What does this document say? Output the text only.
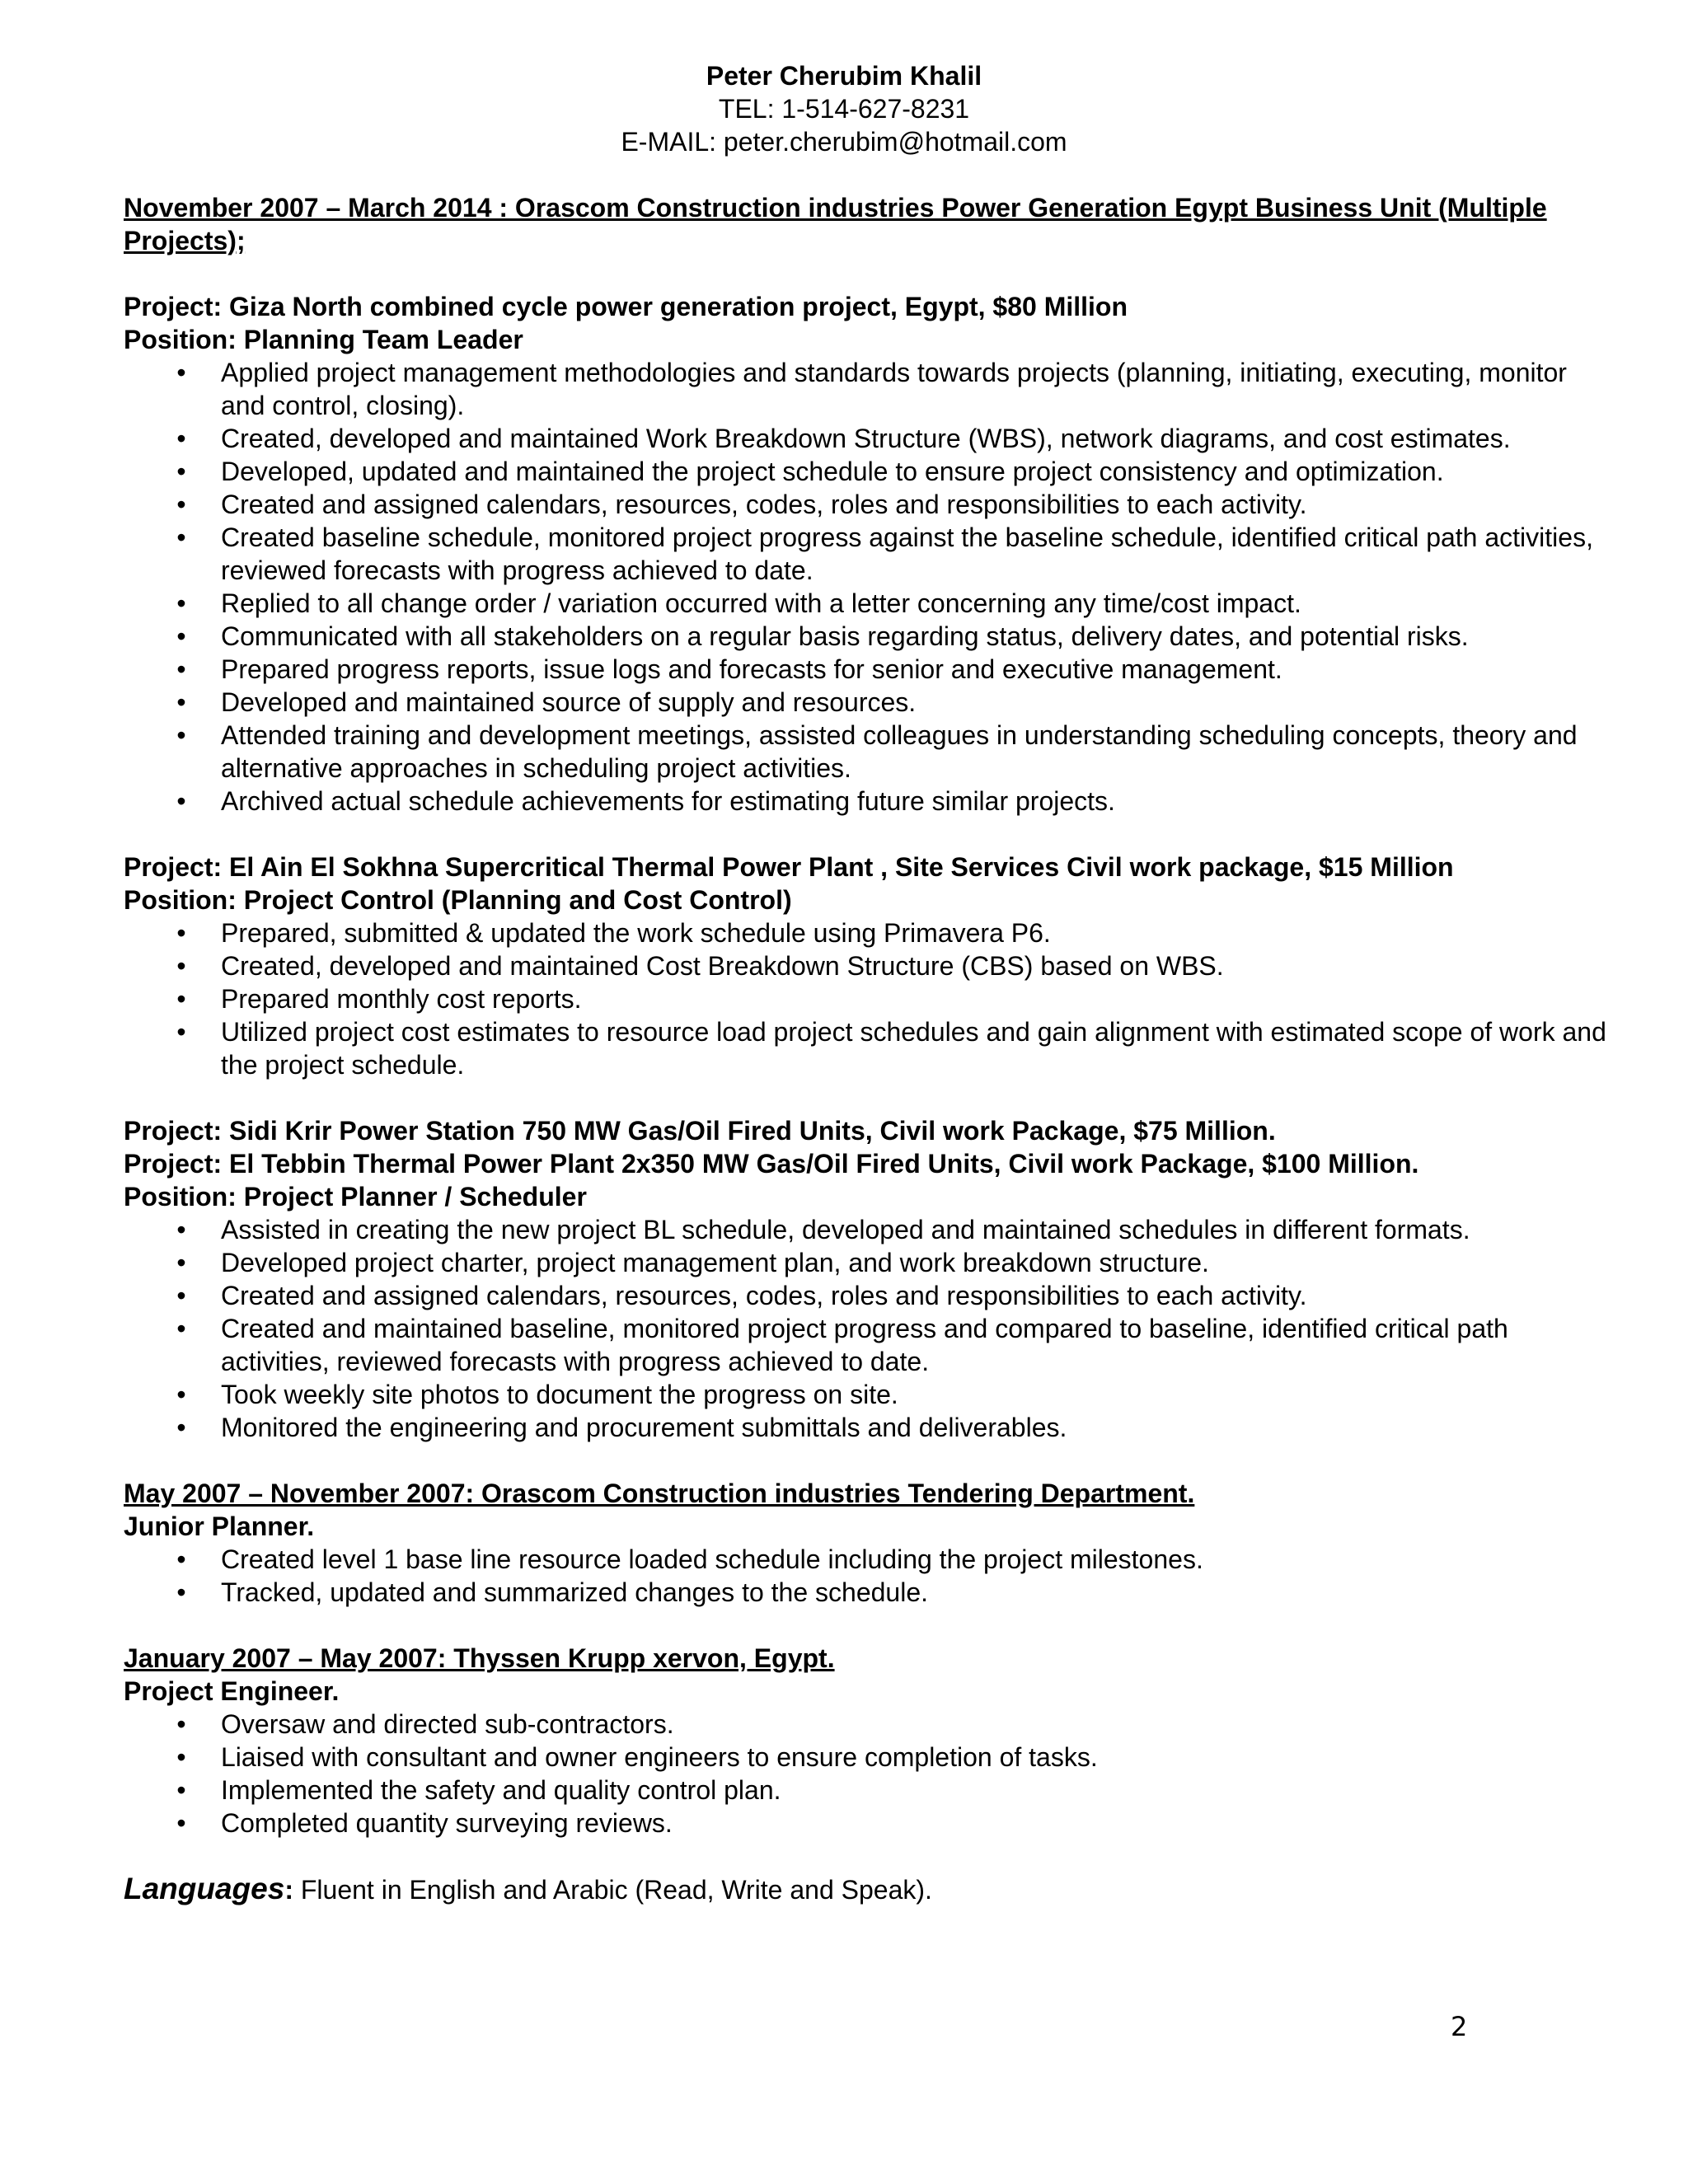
Peter Cherubim Khalil
TEL: 1-514-627-8231
E-MAIL: peter.cherubim@hotmail.com
November 2007 – March 2014 : Orascom Construction industries Power Generation Egypt Business Unit (Multiple Projects);
Project: Giza North combined cycle power generation project, Egypt, $80 Million
Position: Planning Team Leader
• Applied project management methodologies and standards towards projects (planning, initiating, executing, monitor and control, closing).
• Created, developed and maintained Work Breakdown Structure (WBS), network diagrams, and cost estimates.
• Developed, updated and maintained the project schedule to ensure project consistency and optimization.
• Created and assigned calendars, resources, codes, roles and responsibilities to each activity.
• Created baseline schedule, monitored project progress against the baseline schedule, identified critical path activities, reviewed forecasts with progress achieved to date.
• Replied to all change order / variation occurred with a letter concerning any time/cost impact.
• Communicated with all stakeholders on a regular basis regarding status, delivery dates, and potential risks.
• Prepared progress reports, issue logs and forecasts for senior and executive management.
• Developed and maintained source of supply and resources.
• Attended training and development meetings, assisted colleagues in understanding scheduling concepts, theory and alternative approaches in scheduling project activities.
• Archived actual schedule achievements for estimating future similar projects.
Project: El Ain El Sokhna Supercritical Thermal Power Plant , Site Services Civil work package, $15 Million
Position: Project Control (Planning and Cost Control)
• Prepared, submitted & updated the work schedule using Primavera P6.
• Created, developed and maintained Cost Breakdown Structure (CBS) based on WBS.
• Prepared monthly cost reports.
• Utilized project cost estimates to resource load project schedules and gain alignment with estimated scope of work and the project schedule.
Project: Sidi Krir Power Station 750 MW Gas/Oil Fired Units, Civil work Package, $75 Million.
Project: El Tebbin Thermal Power Plant 2x350 MW Gas/Oil Fired Units, Civil work Package, $100 Million.
Position: Project Planner / Scheduler
• Assisted in creating the new project BL schedule, developed and maintained schedules in different formats.
• Developed project charter, project management plan, and work breakdown structure.
• Created and assigned calendars, resources, codes, roles and responsibilities to each activity.
• Created and maintained baseline, monitored project progress and compared to baseline, identified critical path activities, reviewed forecasts with progress achieved to date.
• Took weekly site photos to document the progress on site.
• Monitored the engineering and procurement submittals and deliverables.
May 2007 – November 2007: Orascom Construction industries Tendering Department.
Junior Planner.
• Created level 1 base line resource loaded schedule including the project milestones.
• Tracked, updated and summarized changes to the schedule.
January 2007 – May 2007: Thyssen Krupp xervon, Egypt.
Project Engineer.
• Oversaw and directed sub-contractors.
• Liaised with consultant and owner engineers to ensure completion of tasks.
• Implemented the safety and quality control plan.
• Completed quantity surveying reviews.
Languages: Fluent in English and Arabic (Read, Write and Speak).
2
